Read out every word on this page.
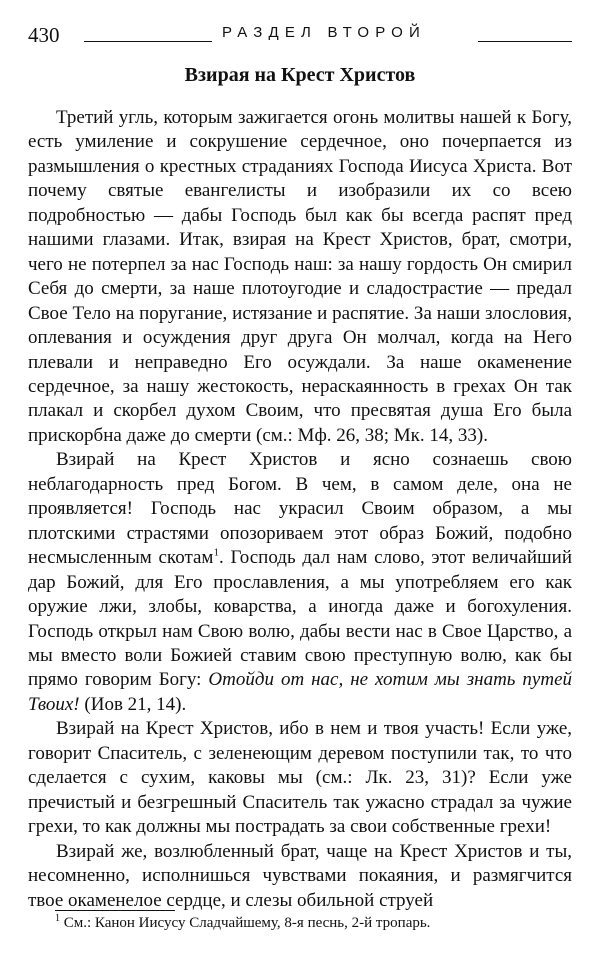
430	РАЗДЕЛ ВТОРОЙ
Взирая на Крест Христов

Третий угль, которым зажигается огонь молитвы нашей к Богу, есть умиление и сокрушение сердечное, оно почерпается из размышления о крестных страданиях Господа Иисуса Христа. Вот почему святые евангелисты и изобразили их со всею подробностью — дабы Господь был как бы всегда распят пред нашими глазами. Итак, взирая на Крест Христов, брат, смотри, чего не потерпел за нас Господь наш: за нашу гордость Он смирил Себя до смерти, за наше плотоугодие и сладострастие — предал Свое Тело на поругание, истязание и распятие. За наши злословия, оплевания и осуждения друг друга Он молчал, когда на Него плевали и неправедно Его осуждали. За наше окаменение сердечное, за нашу жестокость, нераскаянность в грехах Он так плакал и скорбел духом Своим, что пресвятая душа Его была прискорбна даже до смерти (см.: Мф. 26, 38; Мк. 14, 33).

Взирай на Крест Христов и ясно сознаешь свою неблагодарность пред Богом. В чем, в самом деле, она не проявляется! Господь нас украсил Своим образом, а мы плотскими страстями опозориваем этот образ Божий, подобно несмысленным скотам$^1$. Господь дал нам слово, этот величайший дар Божий, для Его прославления, а мы употребляем его как оружие лжи, злобы, коварства, а иногда даже и богохуления. Господь открыл нам Свою волю, дабы вести нас в Свое Царство, а мы вместо воли Божией ставим свою преступную волю, как бы прямо говорим Богу: Отойди от нас, не хотим мы знать путей Твоих! (Иов 21, 14).

Взирай на Крест Христов, ибо в нем и твоя участь! Если уже, говорит Спаситель, с зеленеющим деревом поступили так, то что сделается с сухим, каковы мы (см.: Лк. 23, 31)? Если уже пречистый и безгрешный Спаситель так ужасно страдал за чужие грехи, то как должны мы пострадать за свои собственные грехи!

Взирай же, возлюбленный брат, чаще на Крест Христов и ты, несомненно, исполнишься чувствами покаяния, и размягчится твое окаменелое сердце, и слезы обильной струей

$^1$ См.: Канон Иисусу Сладчайшему, 8-я песнь, 2-й тропарь.
